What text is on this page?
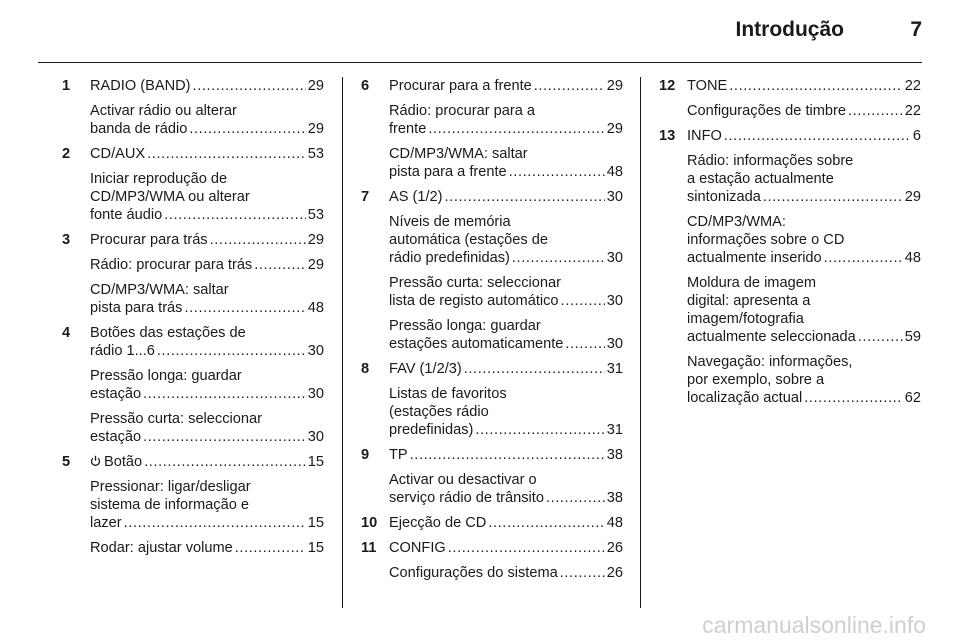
Introdução	7
1 RADIO (BAND) .....	29
Activar rádio ou alterar
banda de rádio .....	29
2 CD/AUX .....	53
Iniciar reprodução de
CD/MP3/WMA ou alterar
fonte áudio .....	53
3 Procurar para trás .....	29
Rádio: procurar para trás .....	29
CD/MP3/WMA: saltar
pista para trás .....	48
4 Botões das estações de
rádio 1...6 .....	30
Pressão longa: guardar
estação .....	30
Pressão curta: seleccionar
estação .....	30
5	Botão .....	15
Pressionar: ligar/desligar
sistema de informação e
lazer .....	15
Rodar: ajustar volume .....	15
6 Procurar para a frente .....	29
Rádio: procurar para a
frente .....	29
CD/MP3/WMA: saltar
pista para a frente .....	48
7 AS (1/2) .....	30
Níveis de memória
automática (estações de
rádio predefinidas) .....	30
Pressão curta: seleccionar
lista de registo automático .....	30
Pressão longa: guardar
estações automaticamente .....	30
8 FAV (1/2/3) .....	31
Listas de favoritos
(estações rádio
predefinidas) .....	31
9 TP .....	38
Activar ou desactivar o
serviço rádio de trânsito .....	38
10 Ejecção de CD .....	48
11 CONFIG .....	26
Configurações do sistema .....	26
12 TONE .....	22
Configurações de timbre .....	22
13 INFO .....	6
Rádio: informações sobre
a estação actualmente
sintonizada .....	29
CD/MP3/WMA:
informações sobre o CD
actualmente inserido .....	48
Moldura de imagem
digital: apresenta a
imagem/fotografia
actualmente seleccionada .....	59
Navegação: informações,
por exemplo, sobre a
localização actual .....	62
carmanualsonline.info
